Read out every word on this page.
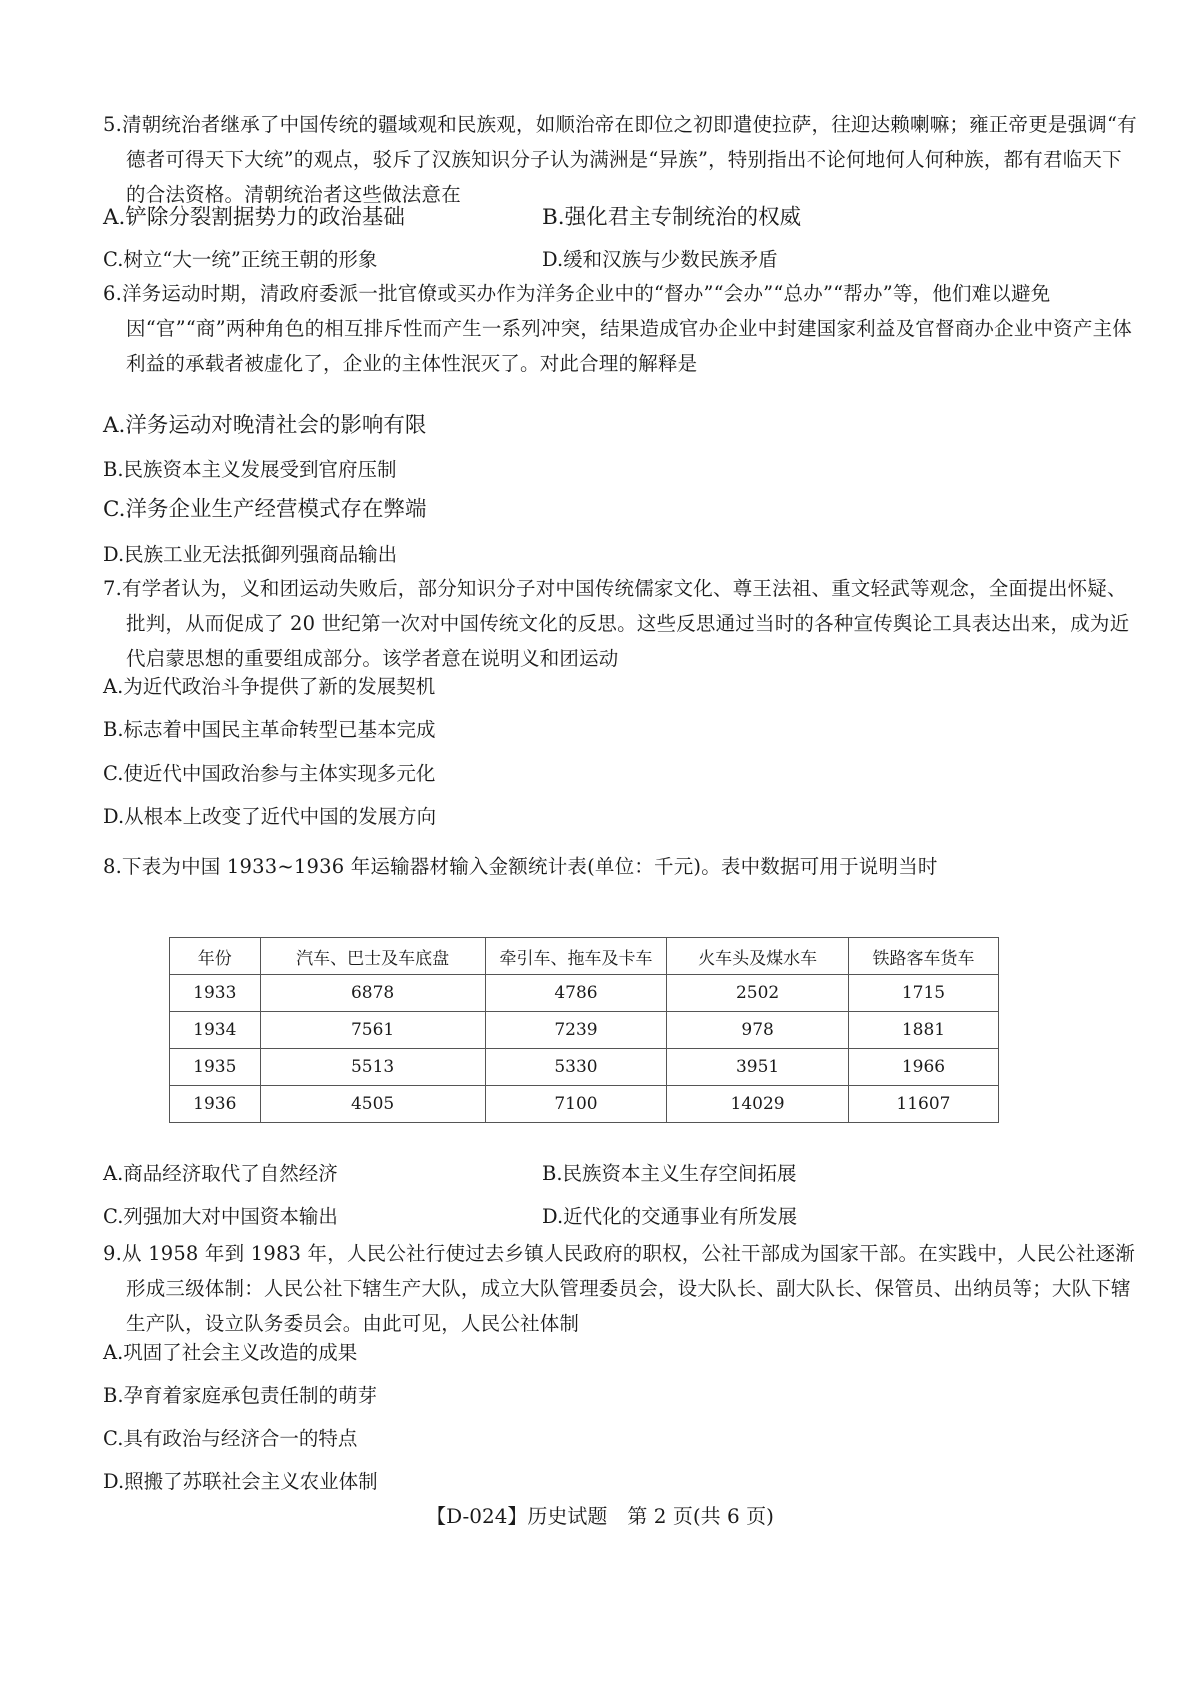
5.清朝统治者继承了中国传统的疆域观和民族观，如顺治帝在即位之初即遣使拉萨，往迎达赖喇嘛；雍正帝更是强调“有德者可得天下大统”的观点，驳斥了汉族知识分子认为满洲是“异族”，特别指出不论何地何人何种族，都有君临天下的合法资格。清朝统治者这些做法意在
A.铲除分裂割据势力的政治基础	B.强化君主专制统治的权威
C.树立“大一统”正统王朝的形象	D.缓和汉族与少数民族矛盾
6.洋务运动时期，清政府委派一批官僚或买办作为洋务企业中的“督办”“会办”“总办”“帮办”等，他们难以避免因“官”“商”两种角色的相互排斥性而产生一系列冲突，结果造成官办企业中封建国家利益及官督商办企业中资产主体利益的承载者被虚化了，企业的主体性泯灭了。对此合理的解释是
A.洋务运动对晚清社会的影响有限
B.民族资本主义发展受到官府压制
C.洋务企业生产经营模式存在弊端
D.民族工业无法抵御列强商品输出
7.有学者认为，义和团运动失败后，部分知识分子对中国传统儒家文化、尊王法祖、重文轻武等观念，全面提出怀疑、批判，从而促成了 20 世纪第一次对中国传统文化的反思。这些反思通过当时的各种宣传舆论工具表达出来，成为近代启蒙思想的重要组成部分。该学者意在说明义和团运动
A.为近代政治斗争提供了新的发展契机
B.标志着中国民主革命转型已基本完成
C.使近代中国政治参与主体实现多元化
D.从根本上改变了近代中国的发展方向
8.下表为中国 1933~1936 年运输器材输入金额统计表(单位：千元)。表中数据可用于说明当时
年份	汽车、巴士及车底盘	牵引车、拖车及卡车	火车头及煤水车	铁路客车货车
1933	6878	4786	2502	1715
1934	7561	7239	978	1881
1935	5513	5330	3951	1966
1936	4505	7100	14029	11607
A.商品经济取代了自然经济	B.民族资本主义生存空间拓展
C.列强加大对中国资本输出	D.近代化的交通事业有所发展
9.从 1958 年到 1983 年，人民公社行使过去乡镇人民政府的职权，公社干部成为国家干部。在实践中，人民公社逐渐形成三级体制：人民公社下辖生产大队，成立大队管理委员会，设大队长、副大队长、保管员、出纳员等；大队下辖生产队，设立队务委员会。由此可见，人民公社体制
A.巩固了社会主义改造的成果
B.孕育着家庭承包责任制的萌芽
C.具有政治与经济合一的特点
D.照搬了苏联社会主义农业体制
【D-024】历史试题　第 2 页(共 6 页)
